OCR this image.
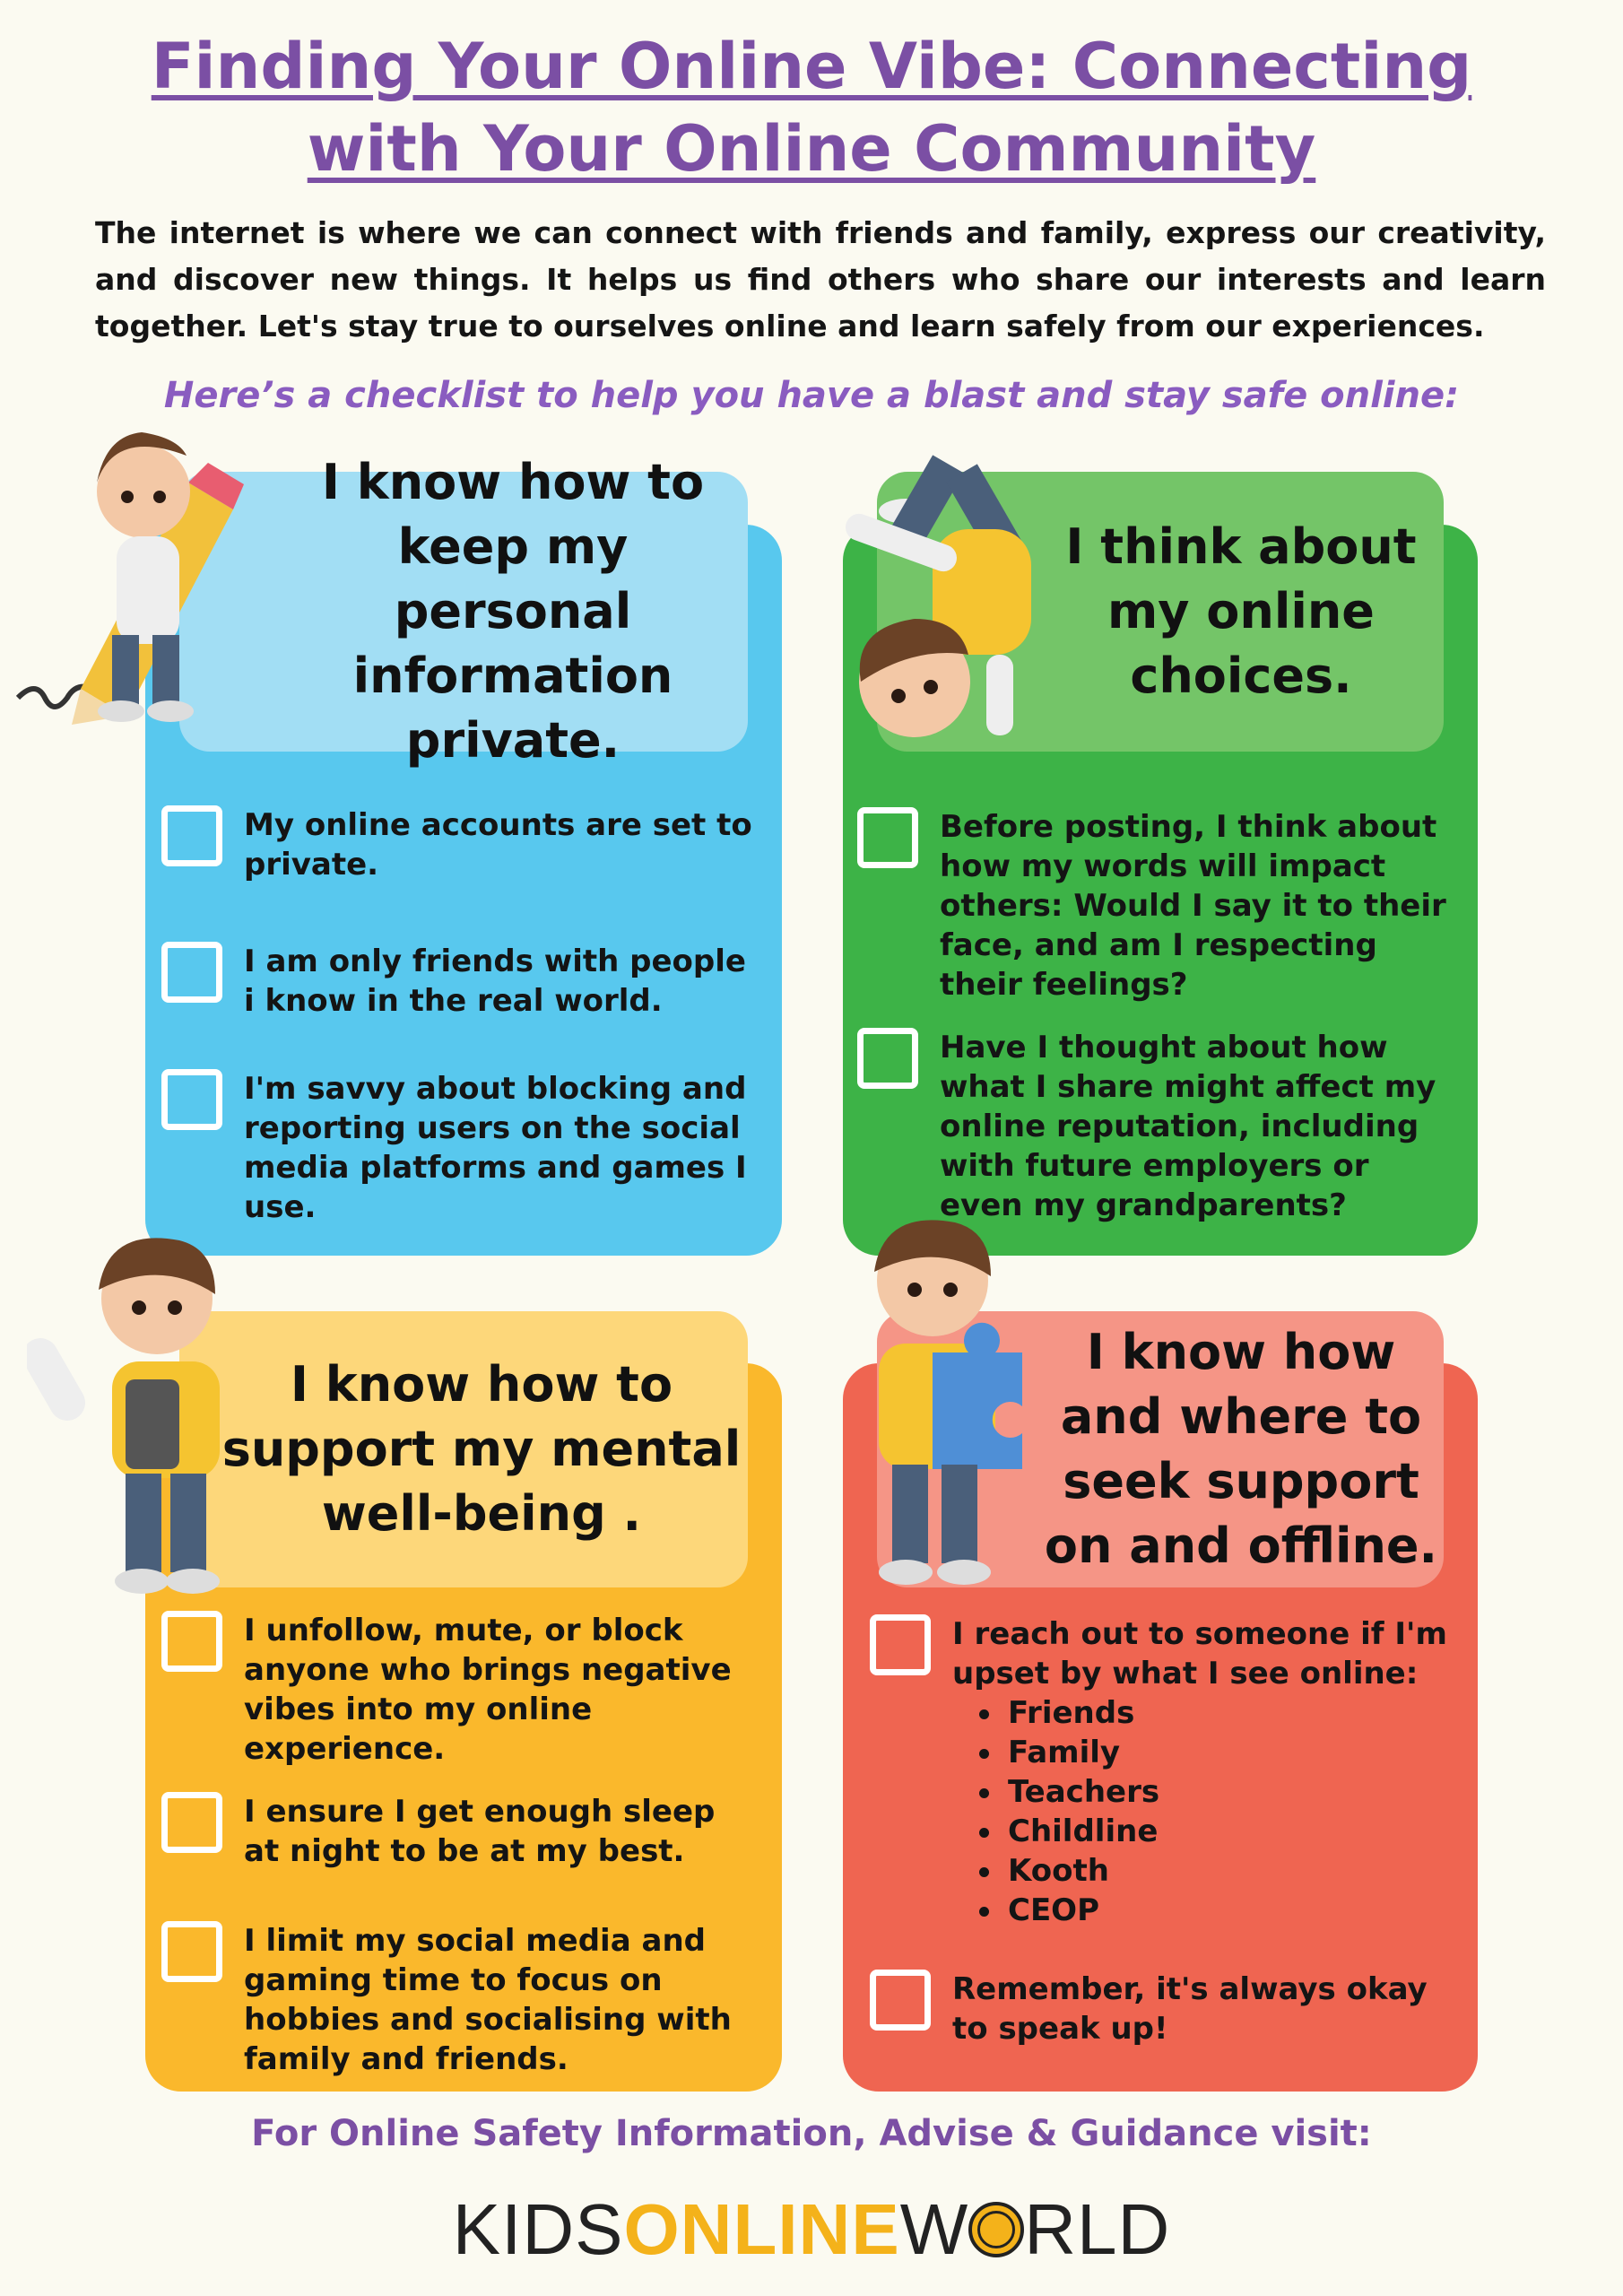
Finding Your Online Vibe: Connecting
with Your Online Community
The internet is where we can connect with friends and family, express our creativity, and discover new things. It helps us find others who share our interests and learn together. Let's stay true to ourselves online and learn safely from our experiences.
Here’s a checklist to help you have a blast and stay safe online:
I know how to
keep my personal
information
private.
My online accounts are set to private.
I am only friends with people i know in the real world.
I'm savvy about blocking and reporting users on the social media platforms and games I use.
I think about
my online
choices.
Before posting, I think about how my words will impact others: Would I say it to their face, and am I respecting their feelings?
Have I thought about how what I share might affect my online reputation, including with future employers or even my grandparents?
I know how to
support my mental
well-being .
I unfollow, mute, or block anyone who brings negative vibes into my online experience.
I ensure I get enough sleep at night to be at my best.
I limit my social media and gaming time to focus on hobbies and socialising with family and friends.
I know how
and where to
seek support
on and offline.
I reach out to someone if I'm upset by what I see online:
Friends
Family
Teachers
Childline
Kooth
CEOP
Remember, it's always okay to speak up!
For Online Safety Information, Advise & Guidance visit:
KIDSONLINEW RLD
